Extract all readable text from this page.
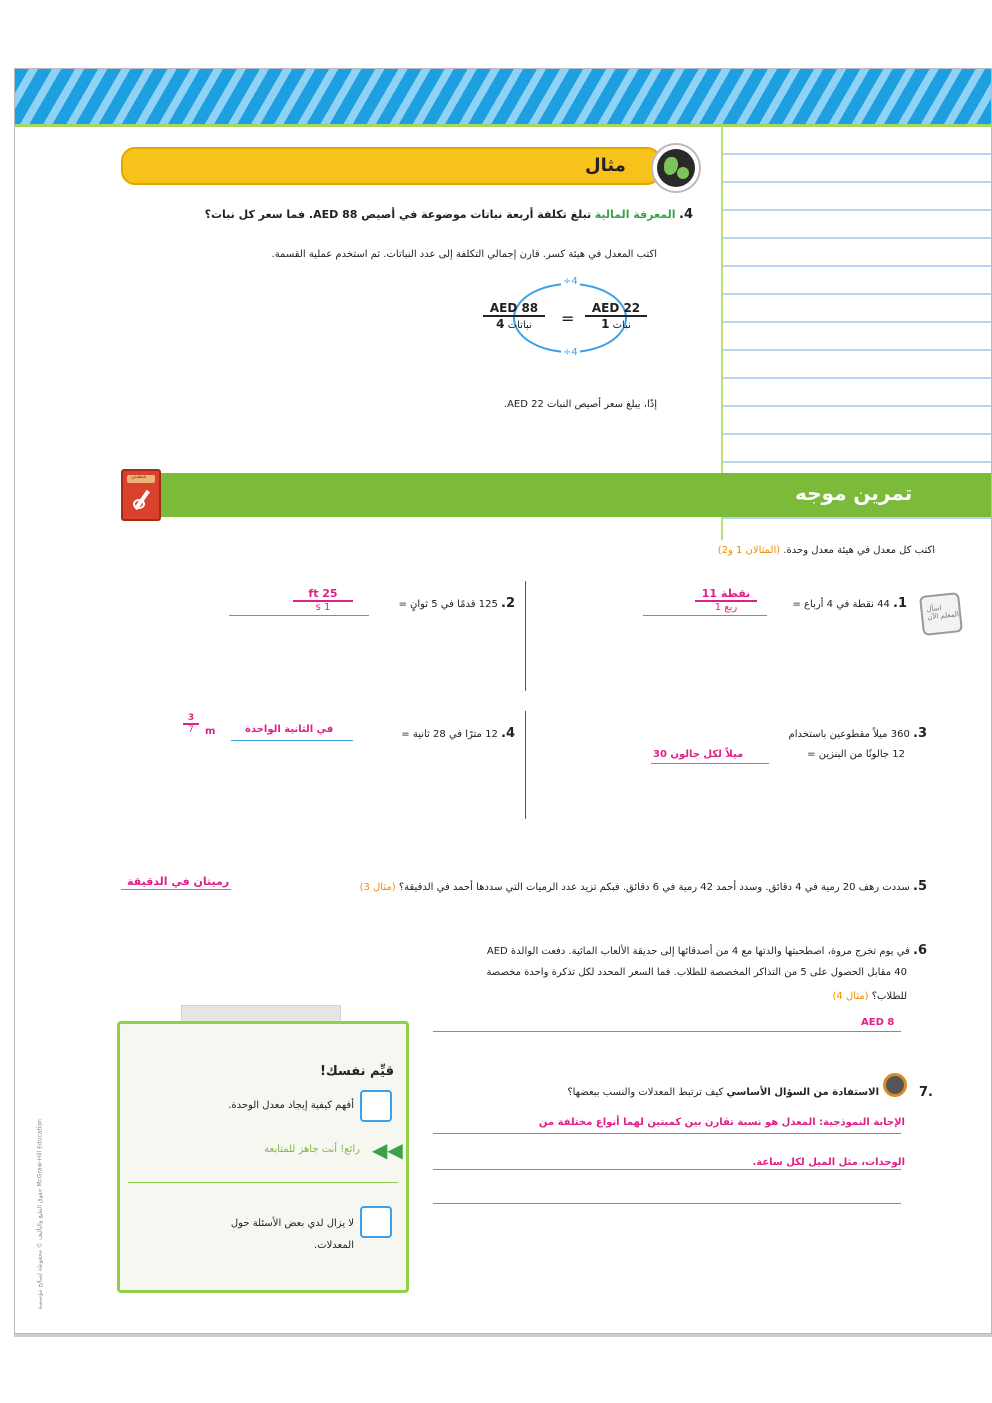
مثال
4. المعرفة المالية تبلغ تكلفة أربعة نباتات موضوعة في أصيص AED 88. فما سعر كل نبات؟
اكتب المعدل في هيئة كسر. قارن إجمالي التكلفة إلى عدد النباتات. ثم استخدم عملية القسمة.
÷4
÷4
AED 88
4 نباتات	=
AED 22
1 نبات
إذًا، يبلغ سعر أصيص النبات AED 22.
تمرين موجه
شطبني
اكتب كل معدل في هيئة معدل وحدة. (المثالان 1 و2)
اسأل المعلم الآن
1. 44 نقطة في 4 أرباع =
11 نقطة
1 ربع
2. 125 قدمًا في 5 ثوانٍ =
$\frac{ft 25}{s 1}$
3. 360 ميلاً مقطوعين باستخدام
12 جالونًا من البنزين =
30 ميلاً لكل جالون
4. 12 مترًا في 28 ثانية =
في الثانية الواحدة
m
$\frac{3}{7}$
5. سددت رهف 20 رمية في 4 دقائق. وسدد أحمد 42 رمية في 6 دقائق. فبكم تزيد عدد الرميات التي سددها أحمد في الدقيقة؟ (مثال 3)
رميتان في الدقيقة
6. في يوم تخرج مروة، اصطحبتها والدتها مع 4 من أصدقائها إلى حديقة الألعاب المائية. دفعت الوالدة AED
40 مقابل الحصول على 5 من التذاكر المخصصة للطلاب. فما السعر المحدد لكل تذكرة واحدة مخصصة
للطلاب؟ (مثال 4)
AED 8
الاستفادة من السؤال الأساسي كيف ترتبط المعدلات والنسب ببعضها؟	7.
الإجابة النموذجية: المعدل هو نسبة تقارن بين كميتين لهما أنواع مختلفة من
الوحدات، مثل الميل لكل ساعة.
قيِّم نفسك!
أفهم كيفية إيجاد معدل الوحدة.
◀◀
رائع! أنت جاهز للمتابعة
لا يزال لدي بعض الأسئلة حول
المعدلات.
حقوق الطبع والتأليف © محفوظة لصالح مؤسسة McGraw-Hill Education
